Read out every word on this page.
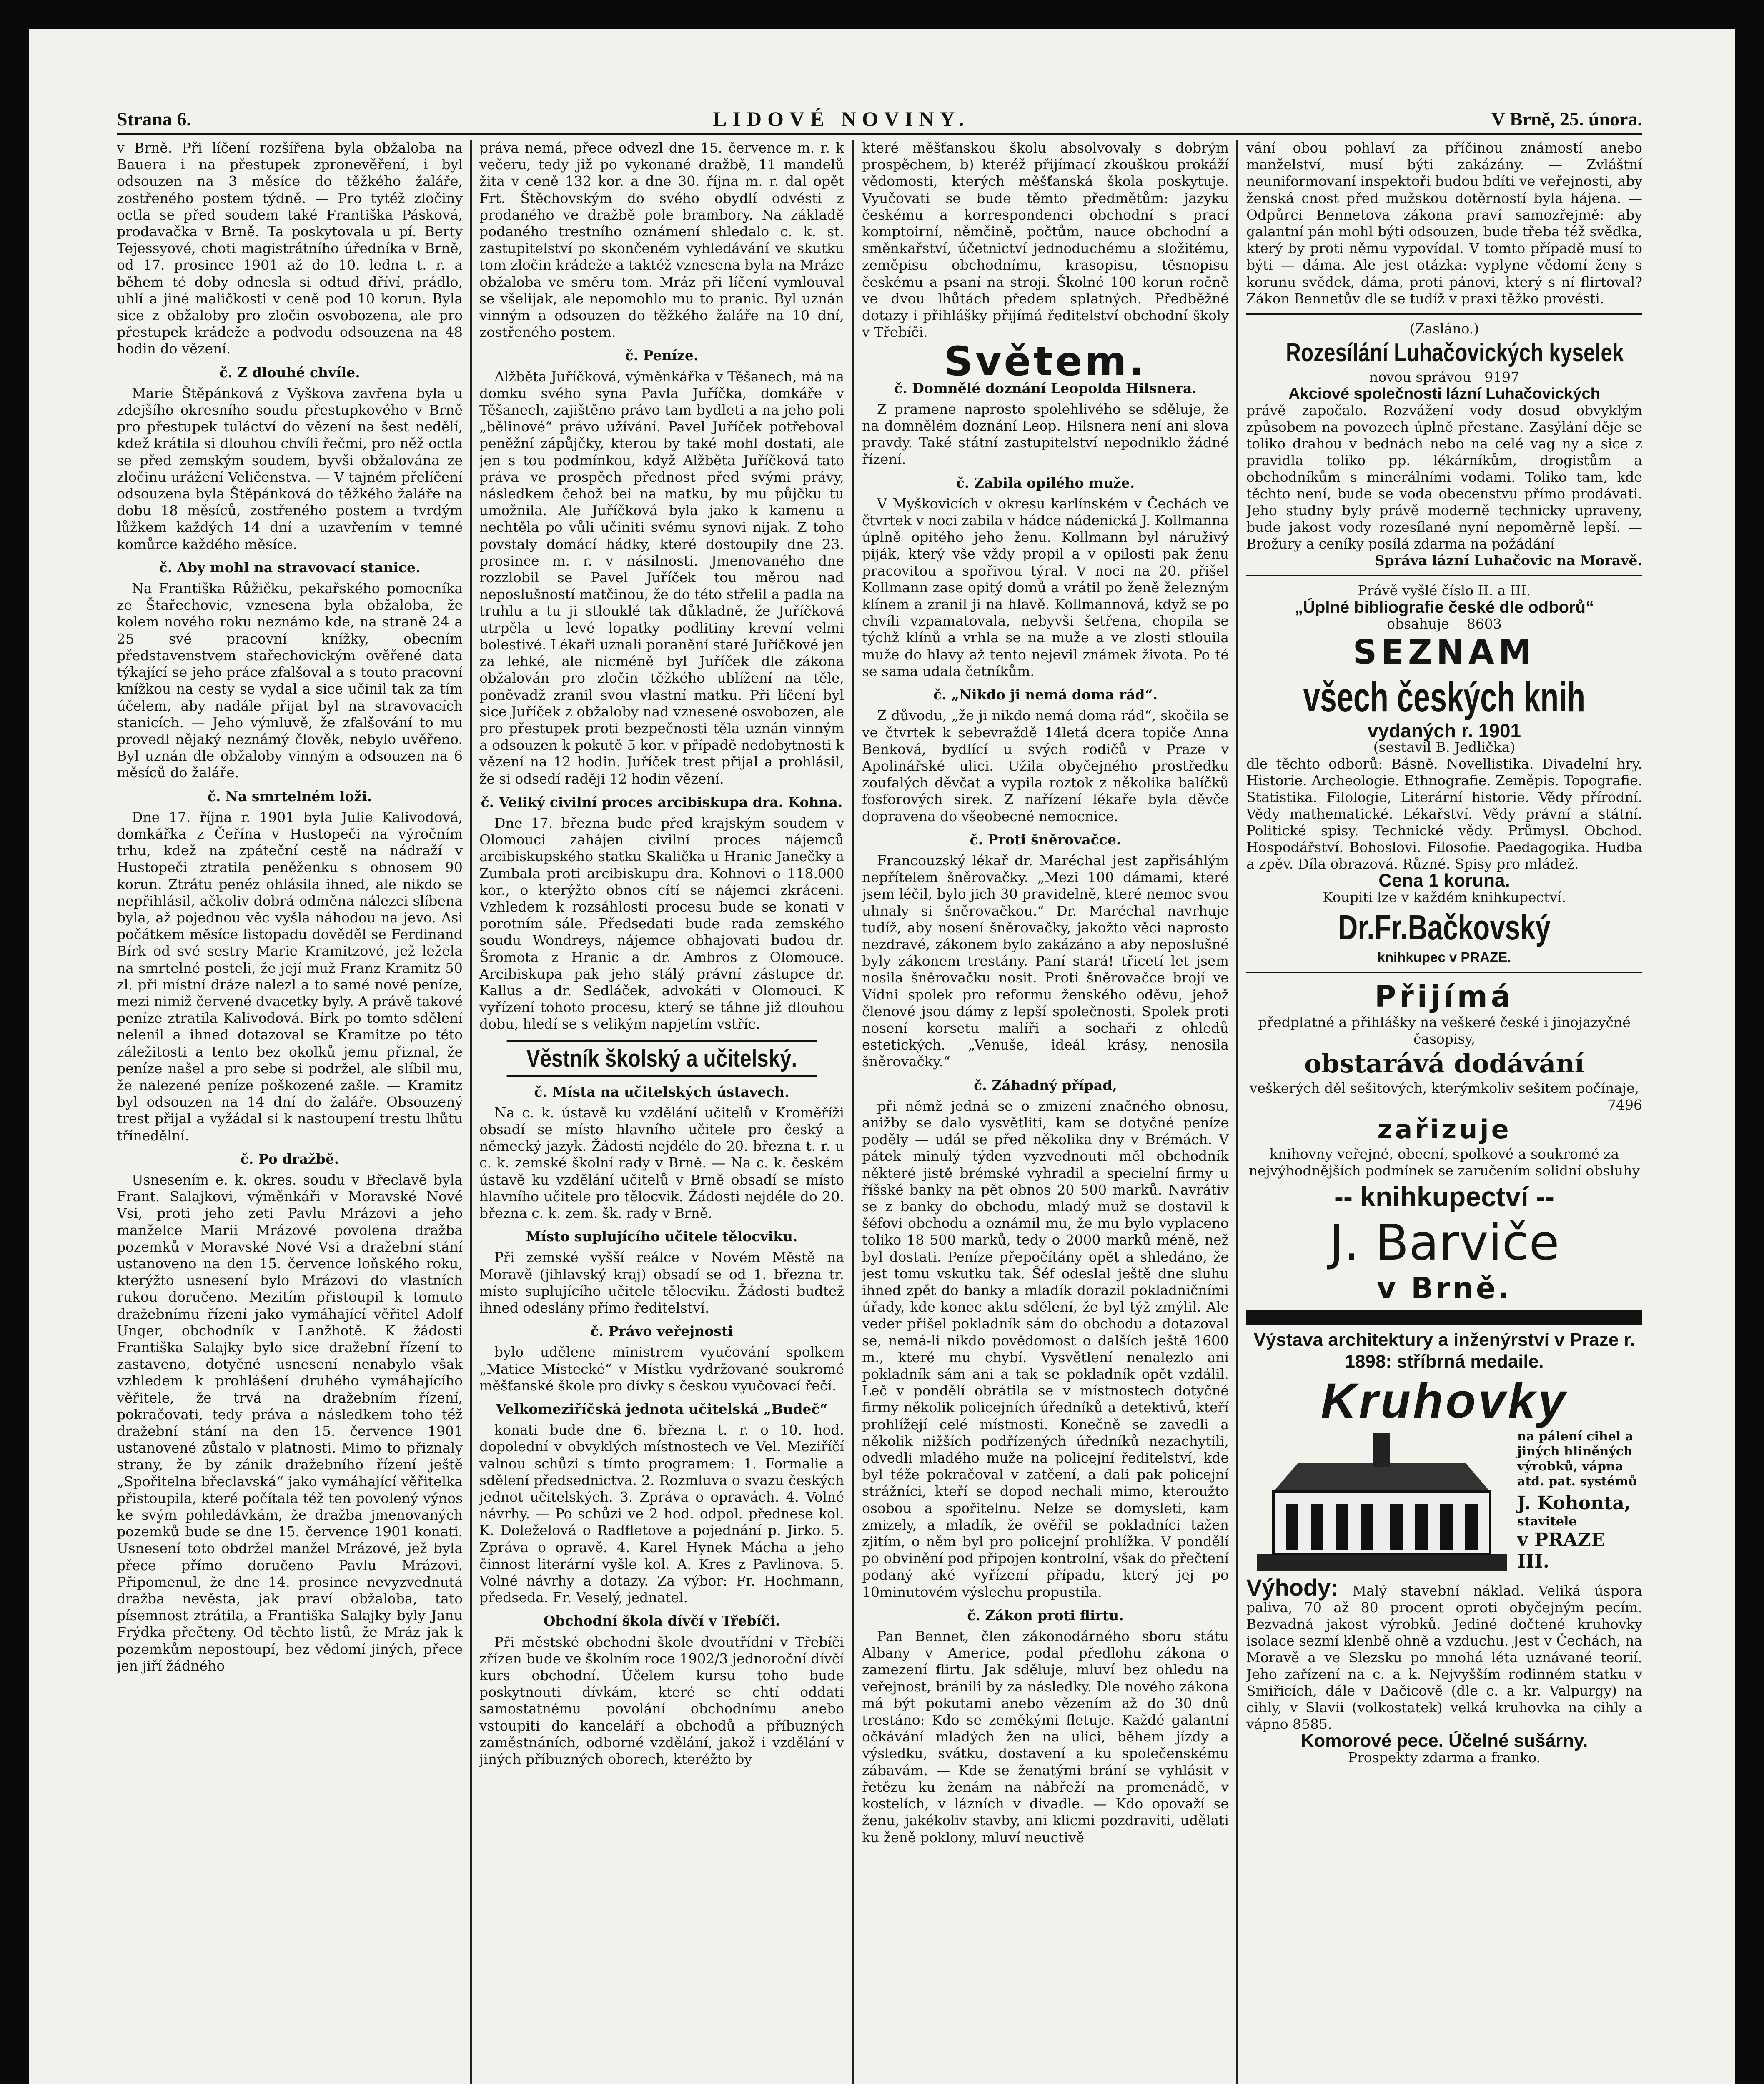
Strana 6.	LIDOVÉ NOVINY.	V Brně, 25. února.

v Brně. Při líčení rozšířena byla obžaloba na Bauera i na přestupek zpronevěření, i byl odsouzen na 3 měsíce do těžkého žaláře, zostřeného postem týdně. — Pro tytéž zločiny octla se před soudem také Františka Pásková, prodavačka v Brně. Ta poskytovala u pí. Berty Tejessyové, choti magistrátního úředníka v Brně, od 17. prosince 1901 až do 10. ledna t. r. a během té doby odnesla si odtud dříví, prádlo, uhlí a jiné maličkosti v ceně pod 10 korun. Byla sice z obžaloby pro zločin osvobozena, ale pro přestupek krádeže a podvodu odsouzena na 48 hodin do vězení.

č. Z dlouhé chvíle.

Marie Štěpánková z Vyškova zavřena byla u zdejšího okresního soudu přestupkového v Brně pro přestupek tuláctví do vězení na šest nedělí, kdež krátila si dlouhou chvíli řečmi, pro něž octla se před zemským soudem, byvši obžalována ze zločinu urážení Veličenstva. — V tajném přelíčení odsouzena byla Štěpánková do těžkého žaláře na dobu 18 měsíců, zostřeného postem a tvrdým lůžkem každých 14 dní a uzavřením v temné komůrce každého měsíce.

č. Aby mohl na stravovací stanice.

Na Františka Růžičku, pekařského pomocníka ze Štařechovic, vznesena byla obžaloba, že kolem nového roku neznámo kde, na straně 24 a 25 své pracovní knížky, obecním představenstvem stařechovickým ověřené data týkající se jeho práce zfalšoval a s touto pracovní knížkou na cesty se vydal a sice učinil tak za tím účelem, aby nadále přijat byl na stravovacích stanicích. — Jeho výmluvě, že zfalšování to mu provedl nějaký neznámý člověk, nebylo uvěřeno. Byl uznán dle obžaloby vinným a odsouzen na 6 měsíců do žaláře.

č. Na smrtelném loži.

Dne 17. října r. 1901 byla Julie Kalivodová, domkářka z Čeřína v Hustopeči na výročním trhu, kdež na zpáteční cestě na nádraží v Hustopeči ztratila peněženku s obnosem 90 korun. Ztrátu penéz ohlásila ihned, ale nikdo se nepřihlásil, ačkoliv dobrá odměna nálezci slíbena byla, až pojednou věc vyšla náhodou na jevo. Asi počátkem měsíce listopadu dověděl se Ferdinand Bírk od své sestry Marie Kramitzové, jež ležela na smrtelné posteli, že její muž Franz Kramitz 50 zl. při místní dráze nalezl a to samé nové peníze, mezi nimiž červené dvacetky byly. A právě takové peníze ztratila Kalivodová. Bírk po tomto sdělení nelenil a ihned dotazoval se Kramitze po této záležitosti a tento bez okolků jemu přiznal, že peníze našel a pro sebe si podržel, ale slíbil mu, že nalezené peníze poškozené zašle. — Kramitz byl odsouzen na 14 dní do žaláře. Obsouzený trest přijal a vyžádal si k nastoupení trestu lhůtu třínedělní.

č. Po dražbě.

Usnesením e. k. okres. soudu v Břeclavě byla Frant. Salajkovi, výměnkáři v Moravské Nové Vsi, proti jeho zeti Pavlu Mrázovi a jeho manželce Marii Mrázové povolena dražba pozemků v Moravské Nové Vsi a dražební stání ustanoveno na den 15. července loňského roku, kterýžto usnesení bylo Mrázovi do vlastních rukou doručeno. Mezitím přistoupil k tomuto dražebnímu řízení jako vymáhající věřitel Adolf Unger, obchodník v Lanžhotě. K žádosti Františka Salajky bylo sice dražební řízení to zastaveno, dotyčné usnesení nenabylo však vzhledem k prohlášení druhého vymáhajícího věřitele, že trvá na dražebním řízení, pokračovati, tedy práva a následkem toho též dražební stání na den 15. července 1901 ustanovené zůstalo v platnosti. Mimo to přiznaly strany, že by zánik dražebního řízení ještě „Spořitelna břeclavská“ jako vymáhající věřitelka přistoupila, které počítala též ten povolený výnos ke svým pohledávkám, že dražba jmenovaných pozemků bude se dne 15. července 1901 konati. Usnesení toto obdržel manžel Mrázové, jež byla přece přímo doručeno Pavlu Mrázovi. Připomenul, že dne 14. prosince nevyzvednutá dražba nevěsta, jak praví obžaloba, tato písemnost ztrátila, a Františka Salajky byly Janu Frýdka přečteny. Od těchto listů, že Mráz jak k pozemkům nepostoupí, bez vědomí jiných, přece jen jiří žádného

práva nemá, přece odvezl dne 15. července m. r. k večeru, tedy již po vykonané dražbě, 11 mandelů žita v ceně 132 kor. a dne 30. října m. r. dal opět Frt. Štěchovským do svého obydlí odvésti z prodaného ve dražbě pole brambory. Na základě podaného trestního oznámení shledalo c. k. st. zastupitelství po skončeném vyhledávání ve skutku tom zločin krádeže a taktéž vznesena byla na Mráze obžaloba ve směru tom. Mráz při líčení vymlouval se všelijak, ale nepomohlo mu to pranic. Byl uznán vinným a odsouzen do těžkého žaláře na 10 dní, zostřeného postem.

č. Peníze.

Alžběta Juříčková, výměnkářka v Těšanech, má na domku svého syna Pavla Juříčka, domkáře v Těšanech, zajištěno právo tam bydleti a na jeho poli „bělinové“ právo užívání. Pavel Juříček potřeboval peněžní zápůjčky, kterou by také mohl dostati, ale jen s tou podmínkou, když Alžběta Juříčková tato práva ve prospěch přednost před svými právy, následkem čehož bei na matku, by mu půjčku tu umožnila. Ale Juříčková byla jako k kamenu a nechtěla po vůli učiniti svému synovi nijak. Z toho povstaly domácí hádky, které dostoupily dne 23. prosince m. r. v násilnosti. Jmenovaného dne rozzlobil se Pavel Juříček tou měrou nad neposlušností matčinou, že do této střelil a padla na truhlu a tu ji stlouklé tak důkladně, že Juříčková utrpěla u levé lopatky podlitiny krevní velmi bolestivé. Lékaři uznali poranění staré Juříčkové jen za lehké, ale nicméně byl Juříček dle zákona obžalován pro zločin těžkého ublížení na těle, poněvadž zranil svou vlastní matku. Při líčení byl sice Juříček z obžaloby nad vznesené osvobozen, ale pro přestupek proti bezpečnosti těla uznán vinným a odsouzen k pokutě 5 kor. v případě nedobytnosti k vězení na 12 hodin. Juříček trest přijal a prohlásil, že si odsedí raději 12 hodin vězení.

č. Veliký civilní proces arcibiskupa dra. Kohna.

Dne 17. března bude před krajským soudem v Olomouci zahájen civilní proces nájemců arcibiskupského statku Skalička u Hranic Janečky a Zumbala proti arcibiskupu dra. Kohnovi o 118.000 kor., o kterýžto obnos cítí se nájemci zkráceni. Vzhledem k rozsáhlosti procesu bude se konati v porotním sále. Předsedati bude rada zemského soudu Wondreys, nájemce obhajovati budou dr. Šromota z Hranic a dr. Ambros z Olomouce. Arcibiskupa pak jeho stálý právní zástupce dr. Kallus a dr. Sedláček, advokáti v Olomouci. K vyřízení tohoto procesu, který se táhne již dlouhou dobu, hledí se s velikým napjetím vstříc.

Věstník školský a učitelský.
č. Místa na učitelských ústavech.

Na c. k. ústavě ku vzdělání učitelů v Kroměříži obsadí se místo hlavního učitele pro český a německý jazyk. Žádosti nejdéle do 20. března t. r. u c. k. zemské školní rady v Brně. — Na c. k. českém ústavě ku vzdělání učitelů v Brně obsadí se místo hlavního učitele pro tělocvik. Žádosti nejdéle do 20. března c. k. zem. šk. rady v Brně.

Místo suplujícího učitele tělocviku.

Při zemské vyšší reálce v Novém Městě na Moravě (jihlavský kraj) obsadí se od 1. března tr. místo suplujícího učitele tělocviku. Žádosti budtež ihned odeslány přímo ředitelství.

č. Právo veřejnosti

bylo udělene ministrem vyučování spolkem „Matice Místecké“ v Místku vydržované soukromé měšťanské škole pro dívky s českou vyučovací řečí.

Velkomeziříčská jednota učitelská „Budeč“

konati bude dne 6. března t. r. o 10. hod. dopolední v obvyklých místnostech ve Vel. Meziříčí valnou schůzi s tímto programem: 1. Formalie a sdělení předsednictva. 2. Rozmluva o svazu českých jednot učitelských. 3. Zpráva o opravách. 4. Volné návrhy. — Po schůzi ve 2 hod. odpol. přednese kol. K. Doleželová o Radfletove a pojednání p. Jirko. 5. Zpráva o opravě. 4. Karel Hynek Mácha a jeho činnost literární vyšle kol. A. Kres z Pavlinova. 5. Volné návrhy a dotazy. Za výbor: Fr. Hochmann, předseda. Fr. Veselý, jednatel.

Obchodní škola dívčí v Třebíči.

Při městské obchodní škole dvoutřídní v Třebíči zřízen bude ve školním roce 1902/3 jednoroční dívčí kurs obchodní. Účelem kursu toho bude poskytnouti dívkám, které se chtí oddati samostatnému povolání obchodnímu anebo vstoupiti do kanceláří a obchodů a příbuzných zaměstnáních, odborné vzdělání, jakož i vzdělání v jiných příbuzných oborech, kteréžto by

které měšťanskou školu absolvovaly s dobrým prospěchem, b) kteréž přijímací zkouškou prokáží vědomosti, kterých měšťanská škola poskytuje. Vyučovati se bude těmto předmětům: jazyku českému a korrespondenci obchodní s prací komptoirní, němčině, počtům, nauce obchodní a směnkařství, účetnictví jednoduchému a složitému, zeměpisu obchodnímu, krasopisu, těsnopisu českému a psaní na stroji. Školné 100 korun ročně ve dvou lhůtách předem splatných. Předběžné dotazy i přihlášky přijímá ředitelství obchodní školy v Třebíči.

Světem.
č. Domnělé doznání Leopolda Hilsnera.

Z pramene naprosto spolehlivého se sděluje, že na domnělém doznání Leop. Hilsnera není ani slova pravdy. Také státní zastupitelství nepodniklo žádné řízení.

č. Zabila opilého muže.

V Myškovicích v okresu karlínském v Čechách ve čtvrtek v noci zabila v hádce nádenická J. Kollmanna úplně opitého jeho ženu. Kollmann byl náruživý piják, který vše vždy propil a v opilosti pak ženu pracovitou a spořivou týral. V noci na 20. přišel Kollmann zase opitý domů a vrátil po ženě železným klínem a zranil ji na hlavě. Kollmannová, když se po chvíli vzpamatovala, nebyvši šetřena, chopila se týchž klínů a vrhla se na muže a ve zlosti stlouila muže do hlavy až tento nejevil známek života. Po té se sama udala četníkům.

č. „Nikdo ji nemá doma rád“.

Z důvodu, „že ji nikdo nemá doma rád“, skočila se ve čtvrtek k sebevraždě 14letá dcera topiče Anna Benková, bydlící u svých rodičů v Praze v Apolinářské ulici. Užila obyčejného prostředku zoufalých děvčat a vypila roztok z několika balíčků fosforových sirek. Z nařízení lékaře byla děvče dopravena do všeobecné nemocnice.

č. Proti šněrovačce.

Francouzský lékař dr. Maréchal jest zapřisáhlým nepřítelem šněrovačky. „Mezi 100 dámami, které jsem léčil, bylo jich 30 pravidelně, které nemoc svou uhnaly si šněrovačkou.“ Dr. Maréchal navrhuje tudíž, aby nosení šněrovačky, jakožto věci naprosto nezdravé, zákonem bylo zakázáno a aby neposlušné byly zákonem trestány. Paní stará! třicetí let jsem nosila šněrovačku nosit. Proti šněrovačce brojí ve Vídni spolek pro reformu ženského oděvu, jehož členové jsou dámy z lepší společnosti. Spolek proti nosení korsetu malíři a sochaři z ohledů estetických. „Venuše, ideál krásy, nenosila šněrovačky.“

č. Záhadný případ,

při němž jedná se o zmizení značného obnosu, anižby se dalo vysvětliti, kam se dotyčné peníze poděly — udál se před několika dny v Brémách. V pátek minulý týden vyzvednouti měl obchodník některé jistě brémské vyhradil a specielní firmy u říšské banky na pět obnos 20 500 marků. Navrátiv se z banky do obchodu, mladý muž se dostavil k šéfovi obchodu a oznámil mu, že mu bylo vyplaceno toliko 18 500 marků, tedy o 2000 marků méně, než byl dostati. Peníze přepočítány opět a shledáno, že jest tomu vskutku tak. Šéf odeslal ještě dne sluhu ihned zpět do banky a mladík dorazil pokladničními úřady, kde konec aktu sdělení, že byl týž zmýlil. Ale veder přišel pokladník sám do obchodu a dotazoval se, nemá-li nikdo povědomost o dalších ještě 1600 m., které mu chybí. Vysvětlení nenalezlo ani pokladník sám ani a tak se pokladník opět vzdálil. Leč v pondělí obrátila se v místnostech dotyčné firmy několik policejních úředníků a detektivů, kteří prohlížejí celé místnosti. Konečně se zavedli a několik nižších podřízených úředníků nezachytili, odvedli mladého muže na policejní ředitelství, kde byl téže pokračoval v zatčení, a dali pak policejní strážníci, kteří se dopod nechali mimo, kteroužto osobou a spořitelnu. Nelze se domysleti, kam zmizely, a mladík, že ověřil se pokladníci tažen zjitím, o něm byl pro policejní prohlížka. V pondělí po obvinění pod připojen kontrolní, však do přečtení podaný aké vyřízení případu, který jej po 10minutovém výslechu propustila.

č. Zákon proti flirtu.

Pan Bennet, člen zákonodárného sboru státu Albany v Americe, podal předlohu zákona o zamezení flirtu. Jak sděluje, mluví bez ohledu na veřejnost, bránili by za následky. Dle nového zákona má být pokutami anebo vězením až do 30 dnů trestáno: Kdo se zeměkými fletuje. Každé galantní očkávání mladých žen na ulici, během jízdy a výsledku, svátku, dostavení a ku společenskému zábavám. — Kde se ženatými brání se vyhlásit v řetězu ku ženám na nábřeží na promenádě, v kostelích, v lázních v divadle. — Kdo opovaží se ženu, jakékoliv stavby, ani klicmi pozdraviti, udělati ku ženě poklony, mluví neuctivě

vání obou pohlaví za příčinou známostí anebo manželství, musí býti zakázány. — Zvláštní neuniformovaní inspektoři budou bdíti ve veřejnosti, aby ženská cnost před mužskou dotěrností byla hájena. — Odpůrci Bennetova zákona praví samozřejmě: aby galantní pán mohl býti odsouzen, bude třeba též svědka, který by proti němu vypovídal. V tomto případě musí to býti — dáma. Ale jest otázka: vyplyne vědomí ženy s korunu svědek, dáma, proti pánovi, který s ní flirtoval? Zákon Bennetův dle se tudíž v praxi těžko provésti.

(Zasláno.)
Rozesílání Luhačovických kyselek
novou správou 9197
Akciové společnosti lázní Luhačovických
právě započalo. Rozvážení vody dosud obvyklým způsobem na povozech úplně přestane. Zasýlání děje se toliko drahou v bednách nebo na celé vag ny a sice z pravidla toliko pp. lékárníkům, drogistům a obchodníkům s minerálními vodami. Toliko tam, kde těchto není, bude se voda obecenstvu přímo prodávati. Jeho studny byly právě moderně technicky upraveny, bude jakost vody rozesílané nyní nepoměrně lepší. — Brožury a ceníky posílá zdarma na požádání
Správa lázní Luhačovic na Moravě.
Právě vyšlé číslo II. a III.
„Úplné bibliografie české dle odborů“
obsahuje 8603
SEZNAM
všech českých knih
vydaných r. 1901
(sestavil B. Jedlička)
dle těchto odborů: Básně. Novellistika. Divadelní hry. Historie. Archeologie. Ethnografie. Zeměpis. Topografie. Statistika. Filologie, Literární historie. Vědy přírodní. Vědy mathematické. Lékařství. Vědy právní a státní. Politické spisy. Technické vědy. Průmysl. Obchod. Hospodářství. Bohoslovi. Filosofie. Paedagogika. Hudba a zpěv. Díla obrazová. Různé. Spisy pro mládež.
Cena 1 koruna.
Koupiti lze v každém knihkupectví.
Dr.Fr.Bačkovský
knihkupec v PRAZE.
Přijímá
předplatné a přihlášky na veškeré české i jinojazyčné časopisy,
obstarává dodávání
veškerých děl sešitových, kterýmkoliv sešitem počínaje,
7496
zařizuje
knihovny veřejné, obecní, spolkové a soukromé za nejvýhodnějších podmínek se zaručením solidní obsluhy
-- knihkupectví --
J. Barviče
v Brně.
Výstava architektury a inženýrství v Praze r. 1898: stříbrná medaile.
Kruhovky
na pálení cihel a jiných hliněných výrobků, vápna atd. pat. systémů
J. Kohonta,
stavitele
v PRAZE III.
Výhody: Malý stavební náklad. Veliká úspora paliva, 70 až 80 procent oproti obyčejným pecím. Bezvadná jakost výrobků. Jediné dočtené kruhovky isolace sezmí klenbě ohně a vzduchu. Jest v Čechách, na Moravě a ve Slezsku po mnohá léta uznávané teorií. Jeho zařízení na c. a k. Nejvyšším rodinném statku v Smiřicích, dále v Dačicově (dle c. a kr. Valpurgy) na cihly, v Slavii (volkostatek) velká kruhovka na cihly a vápno 8585.
Komorové pece. Účelné sušárny.
Prospekty zdarma a franko.
